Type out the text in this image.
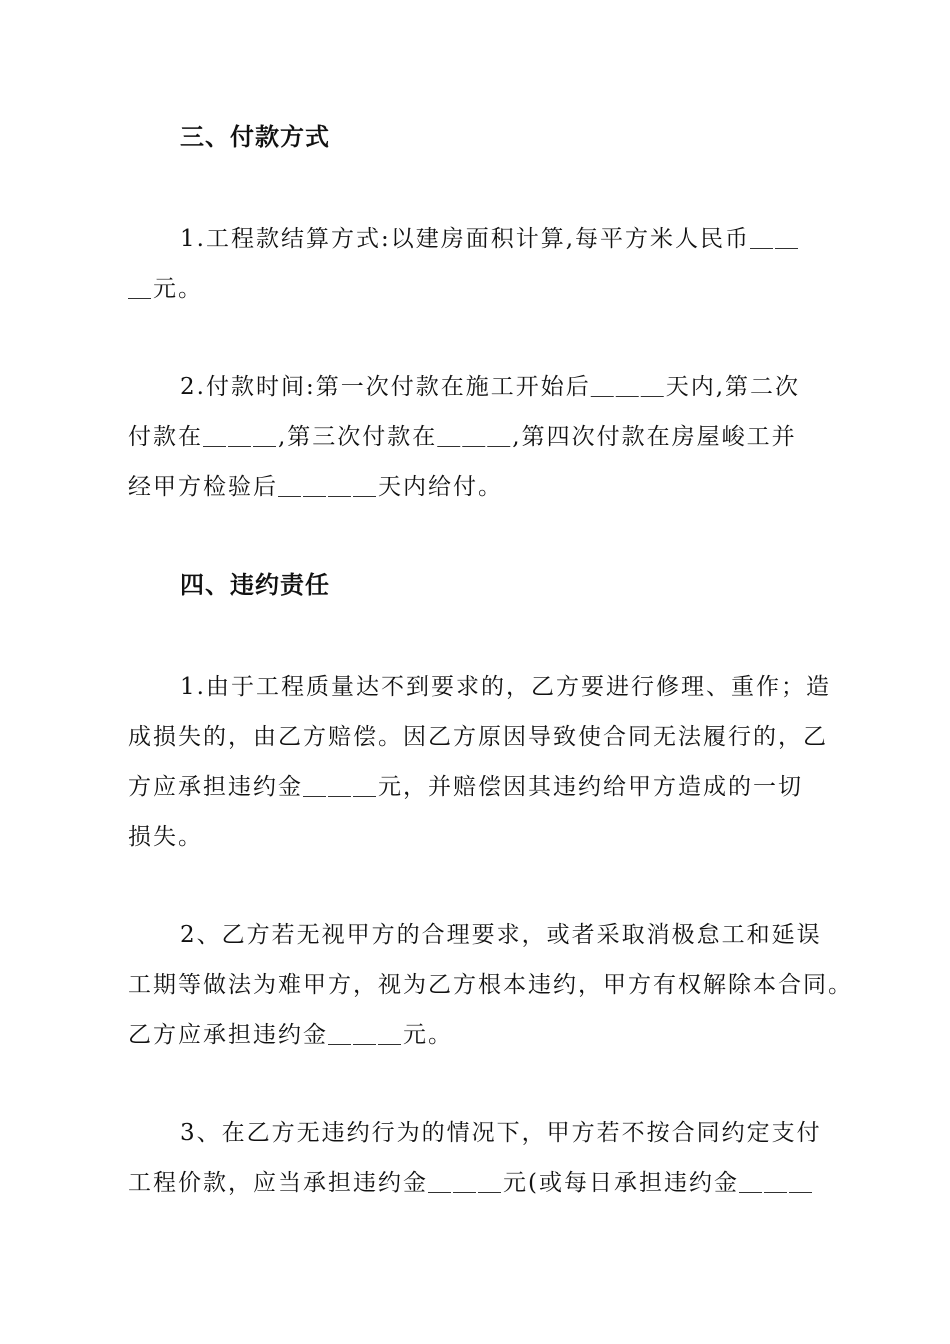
三、付款方式
1.工程款结算方式:以建房面积计算,每平方米人民币＿＿
＿元。
2.付款时间:第一次付款在施工开始后＿＿＿天内,第二次
付款在＿＿＿,第三次付款在＿＿＿,第四次付款在房屋峻工并
经甲方检验后＿＿＿＿天内给付。
四、违约责任
1.由于工程质量达不到要求的，乙方要进行修理、重作；造
成损失的，由乙方赔偿。因乙方原因导致使合同无法履行的，乙
方应承担违约金＿＿＿元，并赔偿因其违约给甲方造成的一切
损失。
2、乙方若无视甲方的合理要求，或者采取消极怠工和延误
工期等做法为难甲方，视为乙方根本违约，甲方有权解除本合同。
乙方应承担违约金＿＿＿元。
3、在乙方无违约行为的情况下，甲方若不按合同约定支付
工程价款，应当承担违约金＿＿＿元(或每日承担违约金＿＿＿
